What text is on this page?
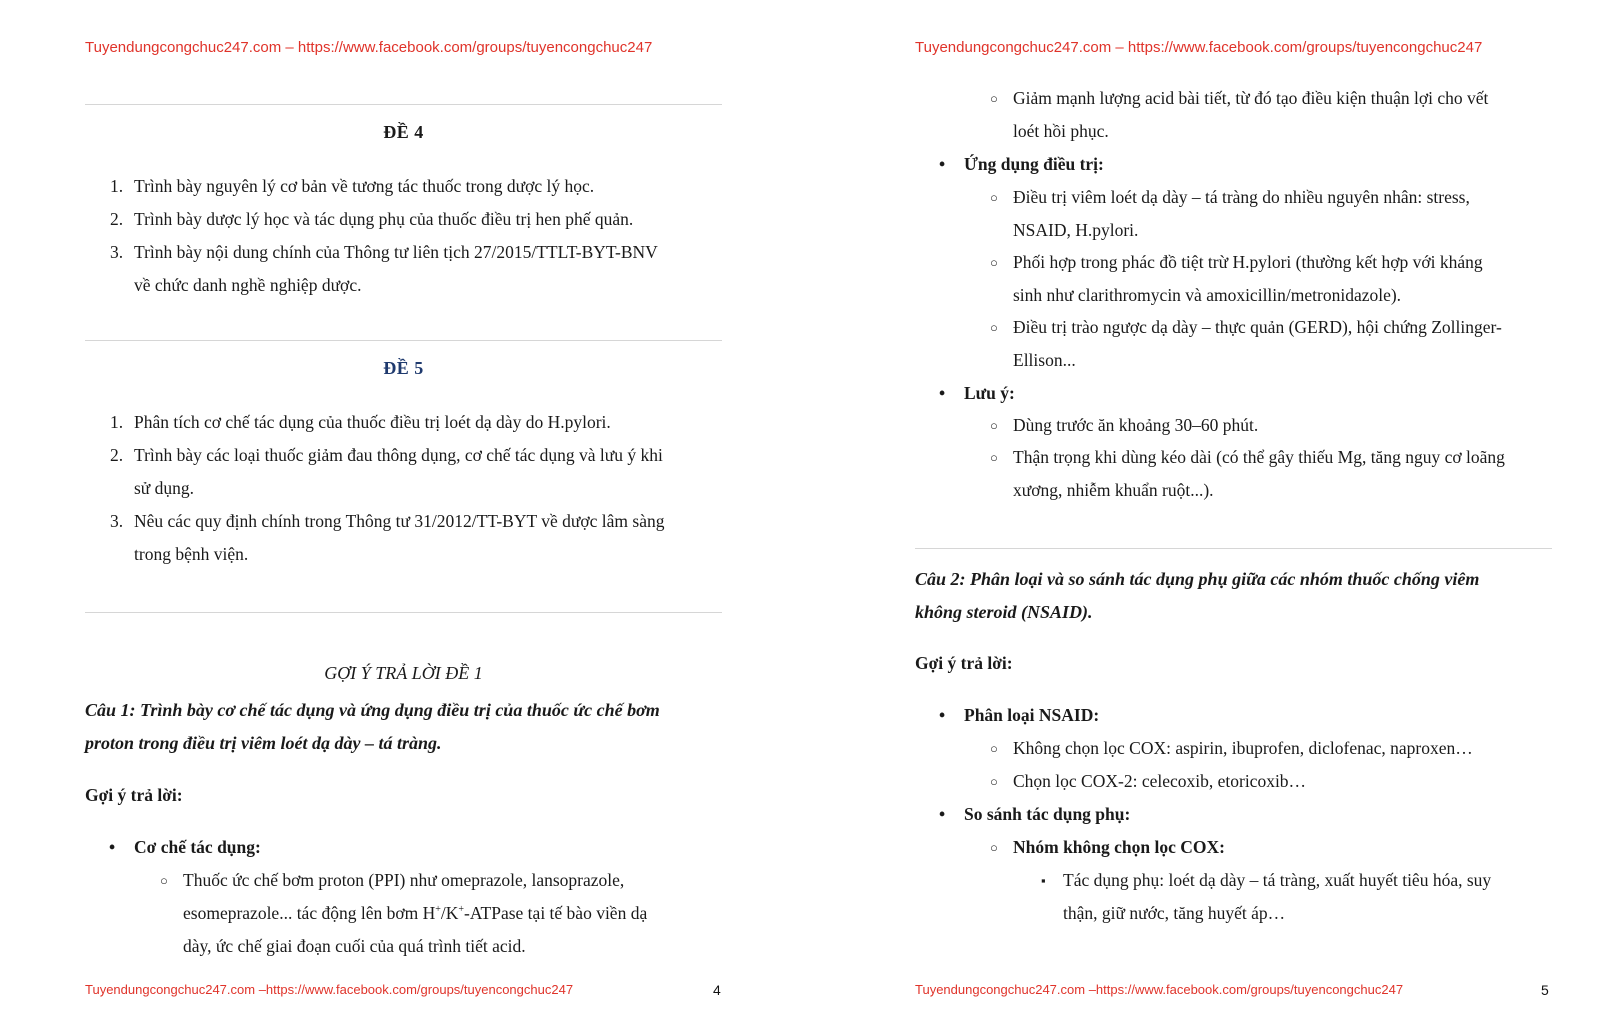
Tuyendungcongchuc247.com – https://www.facebook.com/groups/tuyencongchuc247
ĐỀ 4
1. Trình bày nguyên lý cơ bản về tương tác thuốc trong dược lý học.
2. Trình bày dược lý học và tác dụng phụ của thuốc điều trị hen phế quản.
3. Trình bày nội dung chính của Thông tư liên tịch 27/2015/TTLT-BYT-BNV
về chức danh nghề nghiệp dược.
ĐỀ 5
1. Phân tích cơ chế tác dụng của thuốc điều trị loét dạ dày do H.pylori.
2. Trình bày các loại thuốc giảm đau thông dụng, cơ chế tác dụng và lưu ý khi
sử dụng.
3. Nêu các quy định chính trong Thông tư 31/2012/TT-BYT về dược lâm sàng
trong bệnh viện.
GỢI Ý TRẢ LỜI ĐỀ 1
Câu 1: Trình bày cơ chế tác dụng và ứng dụng điều trị của thuốc ức chế bơm
proton trong điều trị viêm loét dạ dày – tá tràng.
Gợi ý trả lời:
• Cơ chế tác dụng:
○ Thuốc ức chế bơm proton (PPI) như omeprazole, lansoprazole,
esomeprazole... tác động lên bơm H+/K+-ATPase tại tế bào viền dạ
dày, ức chế giai đoạn cuối của quá trình tiết acid.
Tuyendungcongchuc247.com –https://www.facebook.com/groups/tuyencongchuc247	4
Tuyendungcongchuc247.com – https://www.facebook.com/groups/tuyencongchuc247
○ Giảm mạnh lượng acid bài tiết, từ đó tạo điều kiện thuận lợi cho vết
loét hồi phục.
• Ứng dụng điều trị:
○ Điều trị viêm loét dạ dày – tá tràng do nhiều nguyên nhân: stress,
NSAID, H.pylori.
○ Phối hợp trong phác đồ tiệt trừ H.pylori (thường kết hợp với kháng
sinh như clarithromycin và amoxicillin/metronidazole).
○ Điều trị trào ngược dạ dày – thực quản (GERD), hội chứng Zollinger-
Ellison...
• Lưu ý:
○ Dùng trước ăn khoảng 30–60 phút.
○ Thận trọng khi dùng kéo dài (có thể gây thiếu Mg, tăng nguy cơ loãng
xương, nhiễm khuẩn ruột...).
Câu 2: Phân loại và so sánh tác dụng phụ giữa các nhóm thuốc chống viêm
không steroid (NSAID).
Gợi ý trả lời:
• Phân loại NSAID:
○ Không chọn lọc COX: aspirin, ibuprofen, diclofenac, naproxen…
○ Chọn lọc COX-2: celecoxib, etoricoxib…
• So sánh tác dụng phụ:
○ Nhóm không chọn lọc COX:
▪ Tác dụng phụ: loét dạ dày – tá tràng, xuất huyết tiêu hóa, suy
thận, giữ nước, tăng huyết áp…
Tuyendungcongchuc247.com –https://www.facebook.com/groups/tuyencongchuc247	5
